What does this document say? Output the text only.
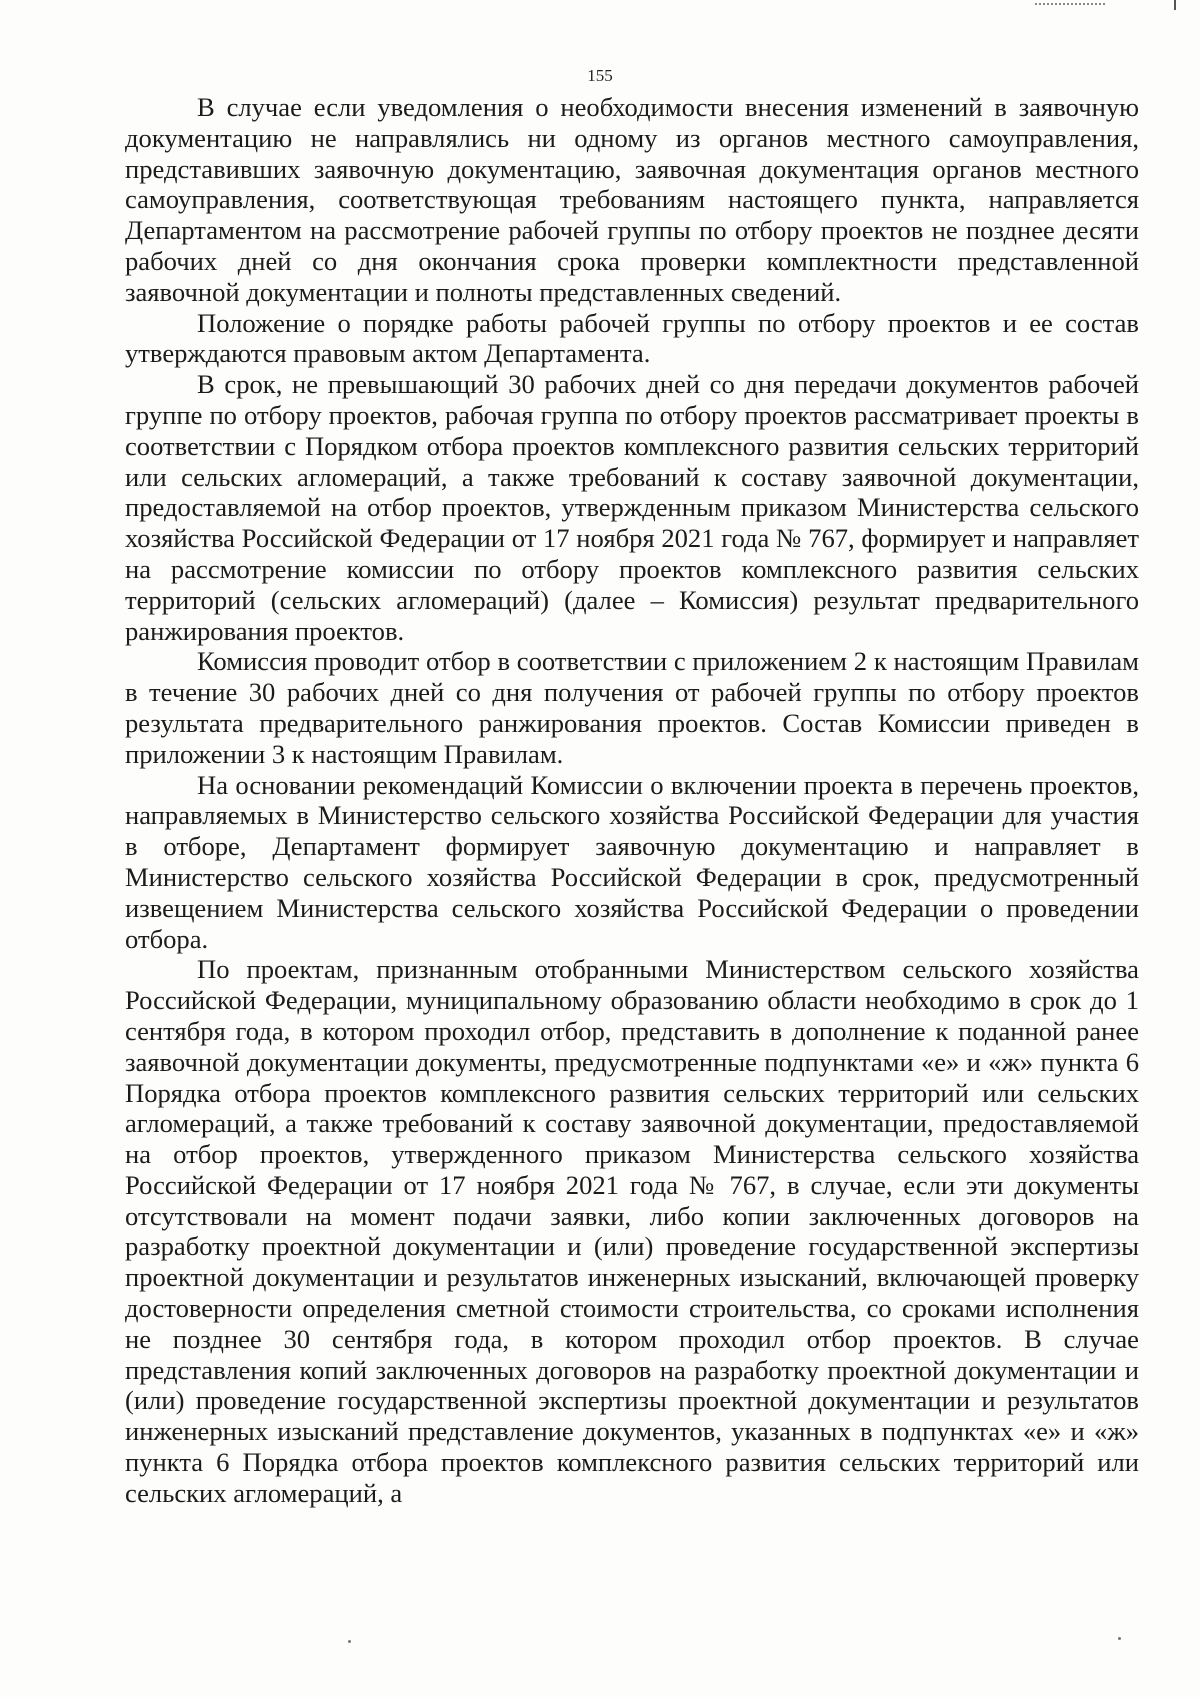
155

В случае если уведомления о необходимости внесения изменений в заявочную документацию не направлялись ни одному из органов местного самоуправления, представивших заявочную документацию, заявочная документация органов местного самоуправления, соответствующая требованиям настоящего пункта, направляется Департаментом на рассмотрение рабочей группы по отбору проектов не позднее десяти рабочих дней со дня окончания срока проверки комплектности представленной заявочной документации и полноты представленных сведений.

Положение о порядке работы рабочей группы по отбору проектов и ее состав утверждаются правовым актом Департамента.

В срок, не превышающий 30 рабочих дней со дня передачи документов рабочей группе по отбору проектов, рабочая группа по отбору проектов рассматривает проекты в соответствии с Порядком отбора проектов комплексного развития сельских территорий или сельских агломераций, а также требований к составу заявочной документации, предоставляемой на отбор проектов, утвержденным приказом Министерства сельского хозяйства Российской Федерации от 17 ноября 2021 года № 767, формирует и направляет на рассмотрение комиссии по отбору проектов комплексного развития сельских территорий (сельских агломераций) (далее – Комиссия) результат предварительного ранжирования проектов.

Комиссия проводит отбор в соответствии с приложением 2 к настоящим Правилам в течение 30 рабочих дней со дня получения от рабочей группы по отбору проектов результата предварительного ранжирования проектов. Состав Комиссии приведен в приложении 3 к настоящим Правилам.

На основании рекомендаций Комиссии о включении проекта в перечень проектов, направляемых в Министерство сельского хозяйства Российской Федерации для участия в отборе, Департамент формирует заявочную документацию и направляет в Министерство сельского хозяйства Российской Федерации в срок, предусмотренный извещением Министерства сельского хозяйства Российской Федерации о проведении отбора.

По проектам, признанным отобранными Министерством сельского хозяйства Российской Федерации, муниципальному образованию области необходимо в срок до 1 сентября года, в котором проходил отбор, представить в дополнение к поданной ранее заявочной документации документы, предусмотренные подпунктами «е» и «ж» пункта 6 Порядка отбора проектов комплексного развития сельских территорий или сельских агломераций, а также требований к составу заявочной документации, предоставляемой на отбор проектов, утвержденного приказом Министерства сельского хозяйства Российской Федерации от 17 ноября 2021 года № 767, в случае, если эти документы отсутствовали на момент подачи заявки, либо копии заключенных договоров на разработку проектной документации и (или) проведение государственной экспертизы проектной документации и результатов инженерных изысканий, включающей проверку достоверности определения сметной стоимости строительства, со сроками исполнения не позднее 30 сентября года, в котором проходил отбор проектов. В случае представления копий заключенных договоров на разработку проектной документации и (или) проведение государственной экспертизы проектной документации и результатов инженерных изысканий представление документов, указанных в подпунктах «е» и «ж» пункта 6 Порядка отбора проектов комплексного развития сельских территорий или сельских агломераций, а
